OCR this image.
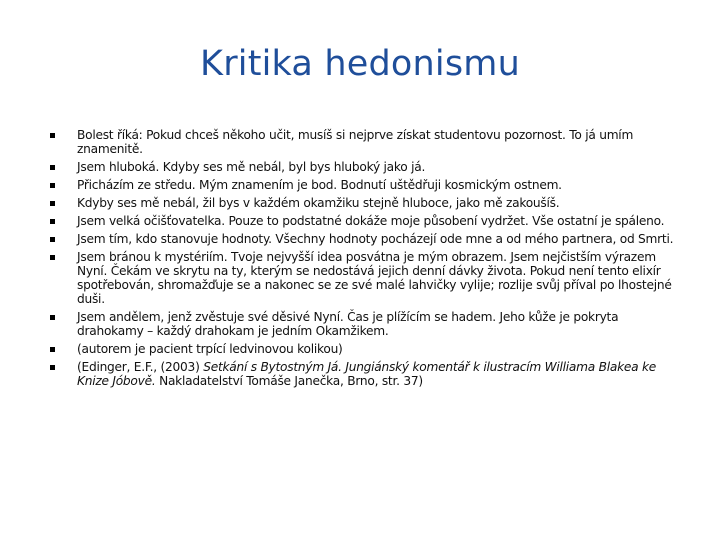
Kritika hedonismu
Bolest říká: Pokud chceš někoho učit, musíš si nejprve získat studentovu pozornost. To já umím znamenitě.
Jsem hluboká. Kdyby ses mě nebál, byl bys hluboký jako já.
Přicházím ze středu. Mým znamením je bod. Bodnutí uštědřuji kosmickým ostnem.
Kdyby ses mě nebál, žil bys v každém okamžiku stejně hluboce, jako mě zakoušíš.
Jsem velká očišťovatelka. Pouze to podstatné dokáže moje působení vydržet. Vše ostatní je spáleno.
Jsem tím, kdo stanovuje hodnoty. Všechny hodnoty pocházejí ode mne a od mého partnera, od Smrti.
Jsem bránou k mystériím. Tvoje nejvyšší idea posvátna je mým obrazem. Jsem nejčistším výrazem Nyní. Čekám ve skrytu na ty, kterým se nedostává jejich denní dávky života. Pokud není tento elixír spotřebován, shromažďuje se a nakonec se ze své malé lahvičky vylije; rozlije svůj příval po lhostejné duši.
Jsem andělem, jenž zvěstuje své děsivé Nyní. Čas je plížícím se hadem. Jeho kůže je pokryta drahokamy – každý drahokam je jedním Okamžikem.
(autorem je pacient trpící ledvinovou kolikou)
(Edinger, E.F., (2003) Setkání s Bytostným Já. Jungiánský komentář k ilustracím Williama Blakea ke Knize Jóbově. Nakladatelství Tomáše Janečka, Brno, str. 37)
